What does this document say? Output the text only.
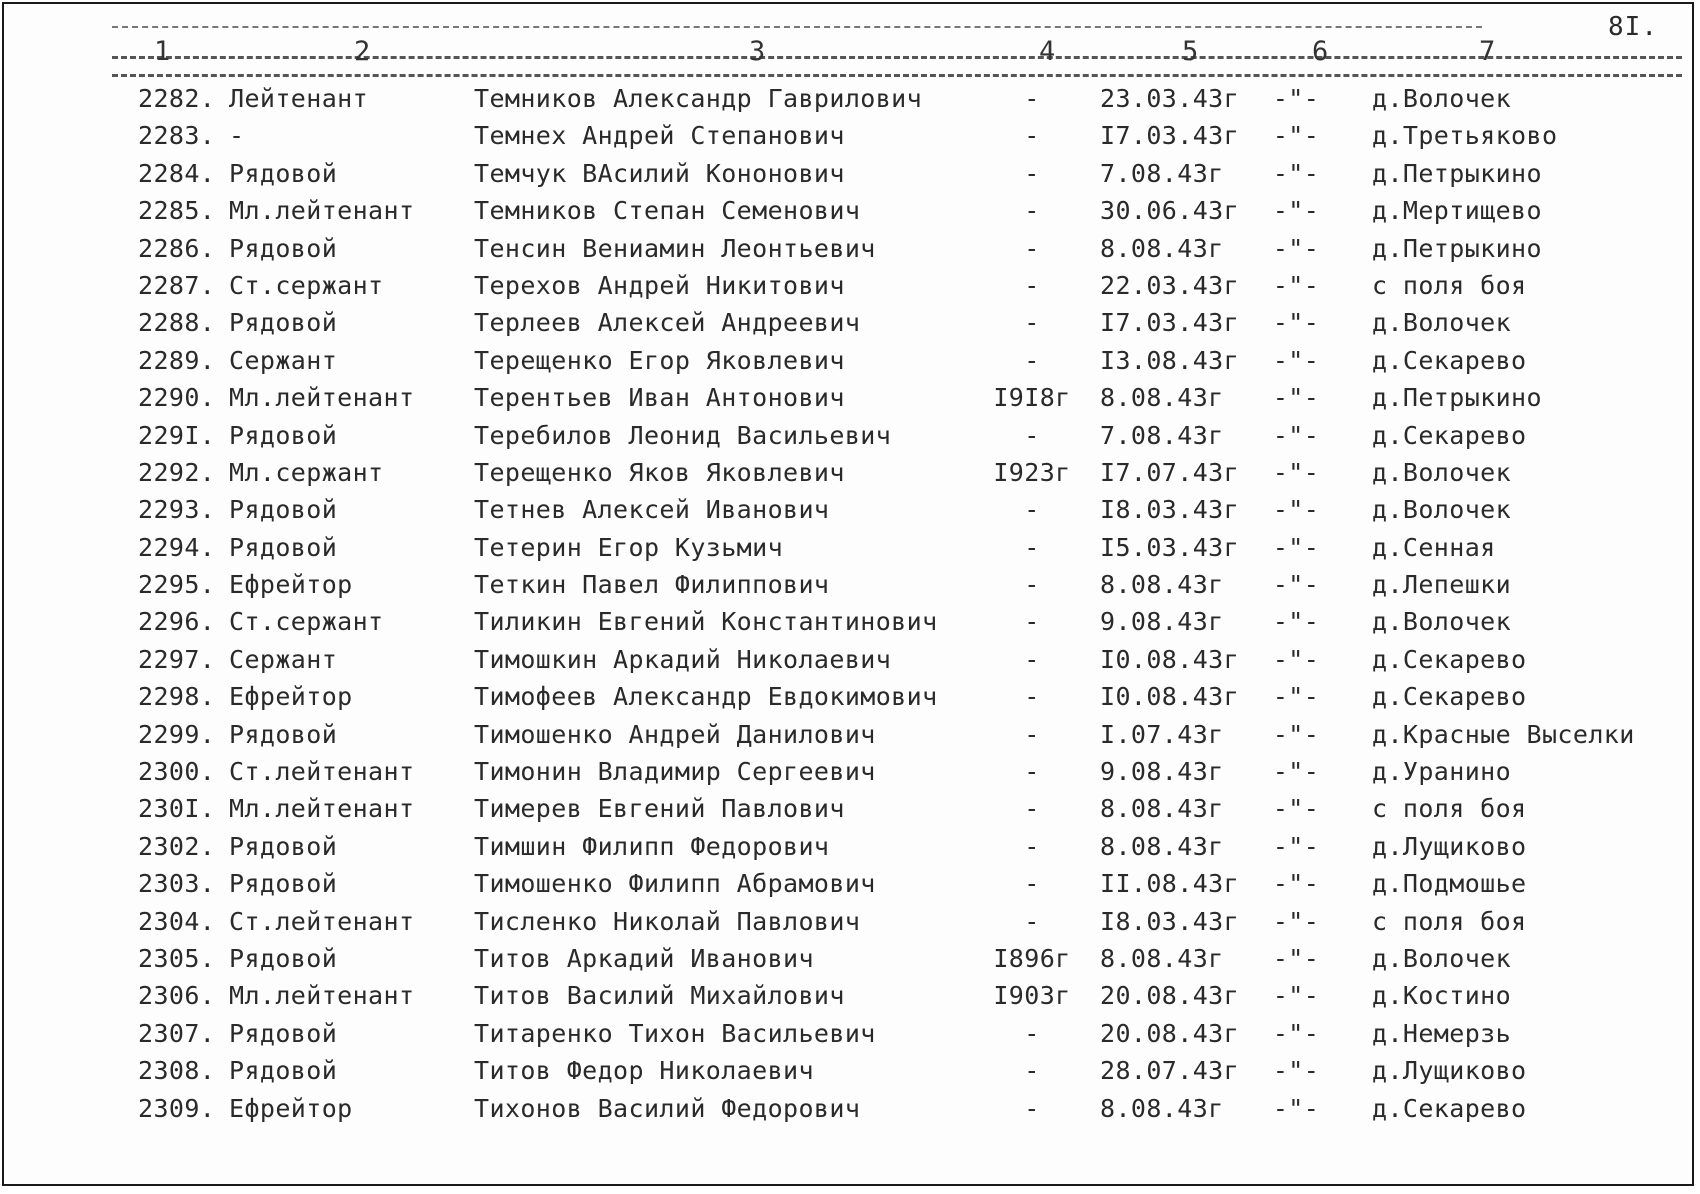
8I.
1	2	3	4	5	6	7
2282. Лейтенант	Темников Александр Гаврилович	-	23.03.43г -"- д.Волочек
2283. -	Темнех Андрей Степанович	-	I7.03.43г -"- д.Третьяково
2284. Рядовой	Темчук ВАсилий Кононович	-	7.08.43г -"- д.Петрыкино
2285. Мл.лейтенант Темников Степан Семенович	-	30.06.43г -"- д.Мертищево
2286. Рядовой	Тенсин Вениамин Леонтьевич	-	8.08.43г -"- д.Петрыкино
2287. Ст.сержант	Терехов Андрей Никитович	-	22.03.43г -"- с поля боя
2288. Рядовой	Терлеев Алексей Андреевич	-	I7.03.43г -"- д.Волочек
2289. Сержант	Терещенко Егор Яковлевич	-	I3.08.43г -"- д.Секарево
2290. Мл.лейтенант Терентьев Иван Антонович	I9I8г 8.08.43г -"- д.Петрыкино
229I. Рядовой	Теребилов Леонид Васильевич	-	7.08.43г -"- д.Секарево
2292. Мл.сержант	Терещенко Яков Яковлевич	I923г I7.07.43г -"- д.Волочек
2293. Рядовой	Тетнев Алексей Иванович	-	I8.03.43г -"- д.Волочек
2294. Рядовой	Тетерин Егор Кузьмич	-	I5.03.43г -"- д.Сенная
2295. Ефрейтор	Теткин Павел Филиппович	-	8.08.43г -"- д.Лепешки
2296. Ст.сержант	Тиликин Евгений Константинович	-	9.08.43г -"- д.Волочек
2297. Сержант	Тимошкин Аркадий Николаевич	-	I0.08.43г -"- д.Секарево
2298. Ефрейтор	Тимофеев Александр Евдокимович	-	I0.08.43г -"- д.Секарево
2299. Рядовой	Тимошенко Андрей Данилович	-	I.07.43г -"- д.Красные Выселки
2300. Ст.лейтенант Тимонин Владимир Сергеевич	-	9.08.43г -"- д.Уранино
230I. Мл.лейтенант Тимерев Евгений Павлович	-	8.08.43г -"- с поля боя
2302. Рядовой	Тимшин Филипп Федорович	-	8.08.43г -"- д.Лущиково
2303. Рядовой	Тимошенко Филипп Абрамович	-	II.08.43г -"- д.Подмошье
2304. Ст.лейтенант Тисленко Николай Павлович	-	I8.03.43г -"- с поля боя
2305. Рядовой	Титов Аркадий Иванович	I896г 8.08.43г -"- д.Волочек
2306. Мл.лейтенант Титов Василий Михайлович	I903г 20.08.43г -"- д.Костино
2307. Рядовой	Титаренко Тихон Васильевич	-	20.08.43г -"- д.Немерзь
2308. Рядовой	Титов Федор Николаевич	-	28.07.43г -"- д.Лущиково
2309. Ефрейтор	Тихонов Василий Федорович	-	8.08.43г -"- д.Секарево
